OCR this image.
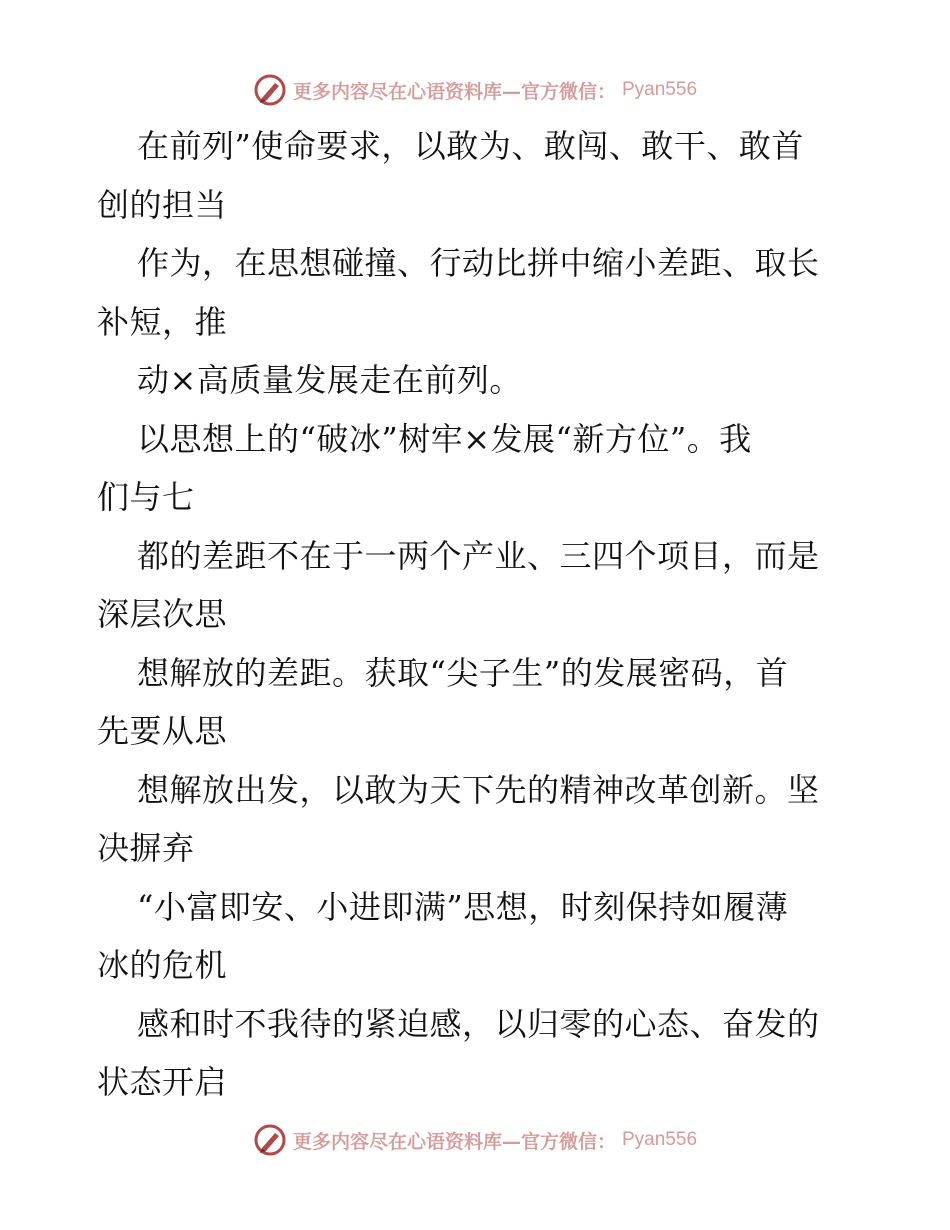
更多内容尽在心语资料库—官方微信： Pyan556
在前列”使命要求，以敢为、敢闯、敢干、敢首
创的担当
作为，在思想碰撞、行动比拼中缩小差距、取长
补短，推
动×高质量发展走在前列。
以思想上的“破冰”树牢×发展“新方位”。我
们与七
都的差距不在于一两个产业、三四个项目，而是
深层次思
想解放的差距。获取“尖子生”的发展密码，首
先要从思
想解放出发，以敢为天下先的精神改革创新。坚
决摒弃
“小富即安、小进即满”思想，时刻保持如履薄
冰的危机
感和时不我待的紧迫感，以归零的心态、奋发的
状态开启
更多内容尽在心语资料库—官方微信： Pyan556
